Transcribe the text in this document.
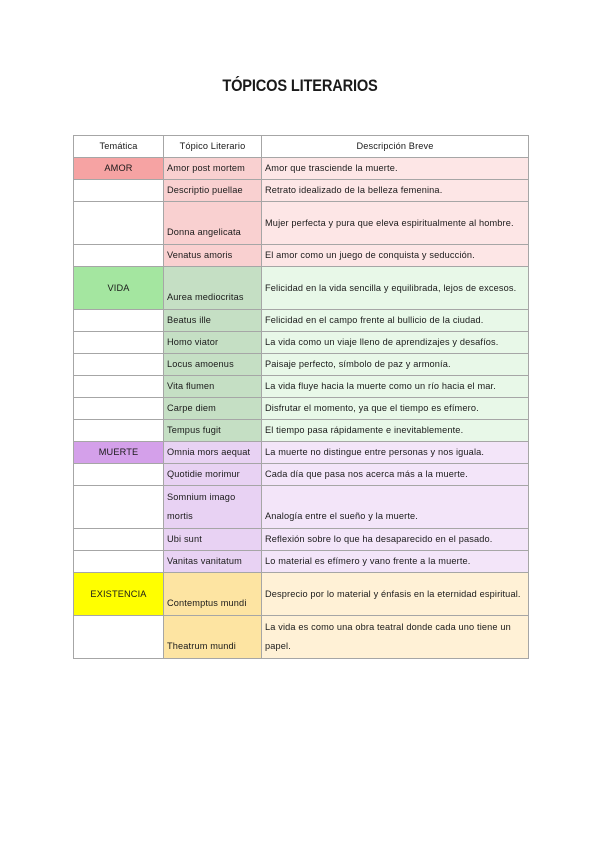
TÓPICOS LITERARIOS
Temática	Tópico Literario	Descripción Breve
AMOR	Amor post mortem	Amor que trasciende la muerte.
	Descriptio puellae	Retrato idealizado de la belleza femenina.
	Donna angelicata	Mujer perfecta y pura que eleva espiritualmente al hombre.
	Venatus amoris	El amor como un juego de conquista y seducción.
VIDA	Aurea mediocritas	Felicidad en la vida sencilla y equilibrada, lejos de excesos.
	Beatus ille	Felicidad en el campo frente al bullicio de la ciudad.
	Homo viator	La vida como un viaje lleno de aprendizajes y desafíos.
	Locus amoenus	Paisaje perfecto, símbolo de paz y armonía.
	Vita flumen	La vida fluye hacia la muerte como un río hacia el mar.
	Carpe diem	Disfrutar el momento, ya que el tiempo es efímero.
	Tempus fugit	El tiempo pasa rápidamente e inevitablemente.
MUERTE	Omnia mors aequat	La muerte no distingue entre personas y nos iguala.
	Quotidie morimur	Cada día que pasa nos acerca más a la muerte.
	Somnium imago mortis	Analogía entre el sueño y la muerte.
	Ubi sunt	Reflexión sobre lo que ha desaparecido en el pasado.
	Vanitas vanitatum	Lo material es efímero y vano frente a la muerte.
EXISTENCIA	Contemptus mundi	Desprecio por lo material y énfasis en la eternidad espiritual.
	Theatrum mundi	La vida es como una obra teatral donde cada uno tiene un papel.
